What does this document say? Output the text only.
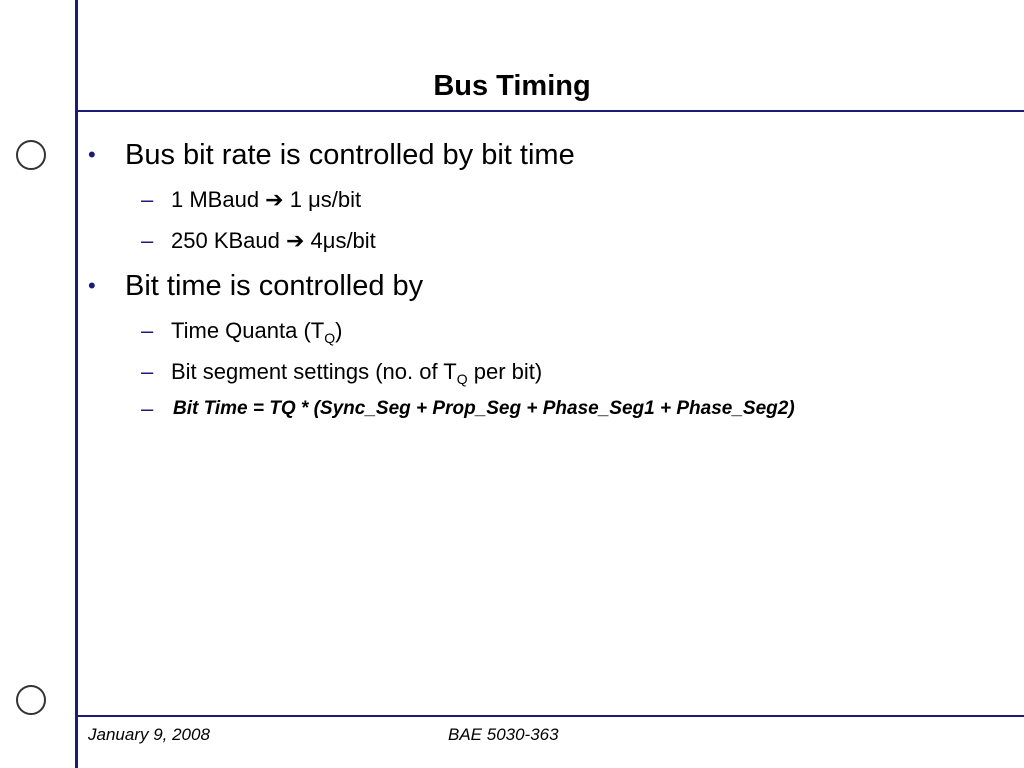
Bus Timing
• Bus bit rate is controlled by bit time
– 1 MBaud ➔ 1 μs/bit
– 250 KBaud ➔ 4μs/bit
• Bit time is controlled by
– Time Quanta $(T_Q)$
– Bit segment settings (no. of $T_Q$ per bit)
– Bit Time = TQ * (Sync_Seg + Prop_Seg + Phase_Seg1 + Phase_Seg2)
January 9, 2008	BAE 5030-363
